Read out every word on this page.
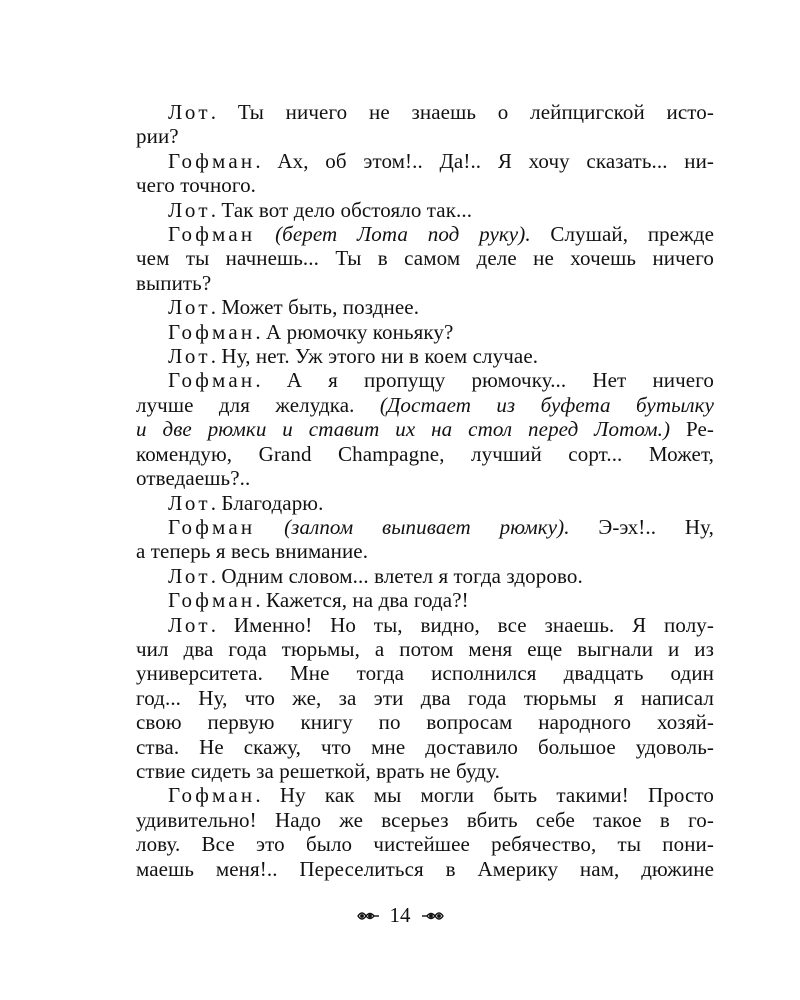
Лот. Ты ничего не знаешь о лейпцигской исто-
рии?

Гофман. Ах, об этом!.. Да!.. Я хочу сказать... ни-
чего точного.

Лот. Так вот дело обстояло так...

Гофман (берет Лота под руку). Слушай, прежде
чем ты начнешь... Ты в самом деле не хочешь ничего
выпить?

Лот. Может быть, позднее.

Гофман. А рюмочку коньяку?

Лот. Ну, нет. Уж этого ни в коем случае.

Гофман. А я пропущу рюмочку... Нет ничего
лучше для желудка. (Достает из буфета бутылку
и две рюмки и ставит их на стол перед Лотом.) Ре-
комендую, Grand Champagne, лучший сорт... Может,
отведаешь?..

Лот. Благодарю.

Гофман (залпом выпивает рюмку). Э-эх!.. Ну,
а теперь я весь внимание.

Лот. Одним словом... влетел я тогда здорово.

Гофман. Кажется, на два года?!

Лот. Именно! Но ты, видно, все знаешь. Я полу-
чил два года тюрьмы, а потом меня еще выгнали и из
университета. Мне тогда исполнился двадцать один
год... Ну, что же, за эти два года тюрьмы я написал
свою первую книгу по вопросам народного хозяй-
ства. Не скажу, что мне доставило большое удоволь-
ствие сидеть за решеткой, врать не буду.

Гофман. Ну как мы могли быть такими! Просто
удивительно! Надо же всерьез вбить себе такое в го-
лову. Все это было чистейшее ребячество, ты пони-
маешь меня!.. Переселиться в Америку нам, дюжине

14
